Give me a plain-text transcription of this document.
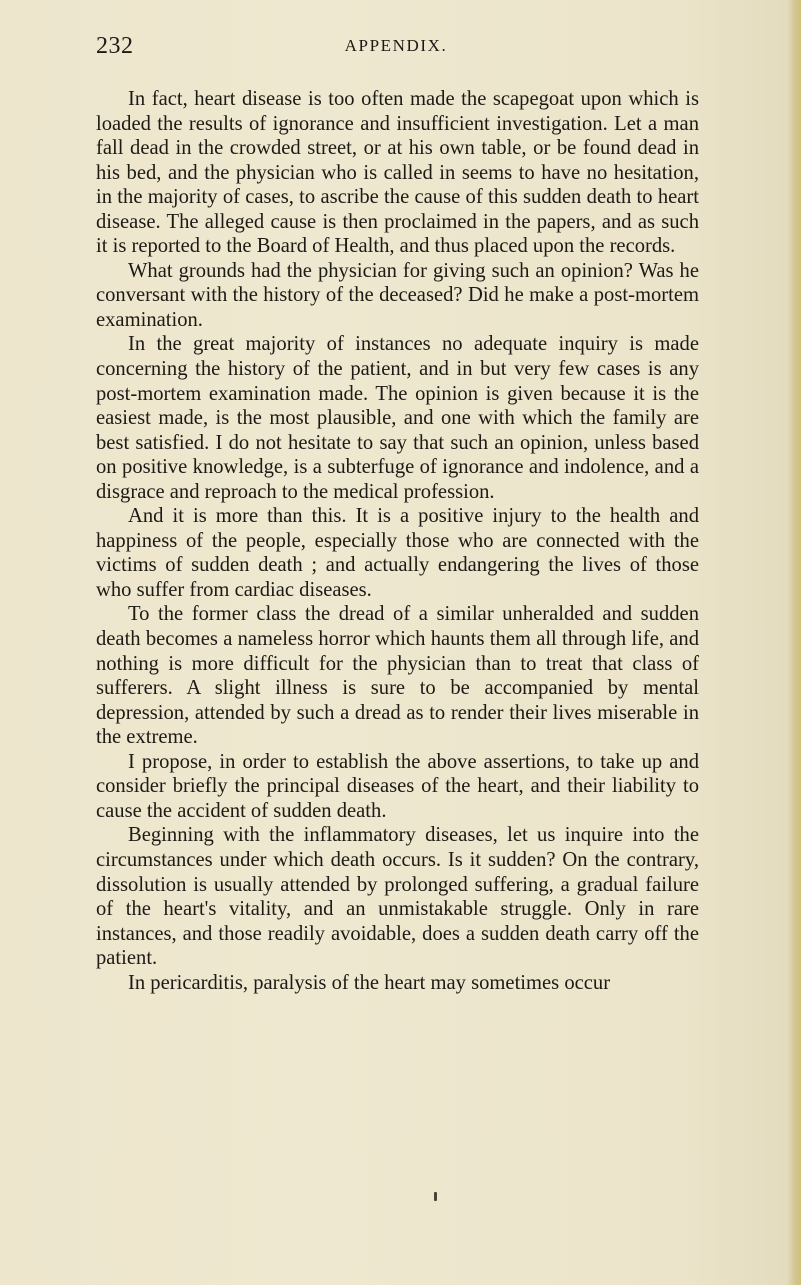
232	APPENDIX.

In fact, heart disease is too often made the scapegoat upon which is loaded the results of ignorance and insufficient investigation. Let a man fall dead in the crowded street, or at his own table, or be found dead in his bed, and the physician who is called in seems to have no hesitation, in the majority of cases, to ascribe the cause of this sudden death to heart disease. The alleged cause is then proclaimed in the papers, and as such it is reported to the Board of Health, and thus placed upon the records.

What grounds had the physician for giving such an opinion? Was he conversant with the history of the deceased? Did he make a post-mortem examination.

In the great majority of instances no adequate inquiry is made concerning the history of the patient, and in but very few cases is any post-mortem examination made. The opinion is given because it is the easiest made, is the most plausible, and one with which the family are best satisfied. I do not hesitate to say that such an opinion, unless based on positive knowledge, is a subterfuge of ignorance and indolence, and a disgrace and reproach to the medical profession.

And it is more than this. It is a positive injury to the health and happiness of the people, especially those who are connected with the victims of sudden death ; and actually endangering the lives of those who suffer from cardiac diseases.

To the former class the dread of a similar unheralded and sudden death becomes a nameless horror which haunts them all through life, and nothing is more difficult for the physician than to treat that class of sufferers. A slight illness is sure to be accompanied by mental depression, attended by such a dread as to render their lives miserable in the extreme.

I propose, in order to establish the above assertions, to take up and consider briefly the principal diseases of the heart, and their liability to cause the accident of sudden death.

Beginning with the inflammatory diseases, let us inquire into the circumstances under which death occurs. Is it sudden? On the contrary, dissolution is usually attended by prolonged suffering, a gradual failure of the heart's vitality, and an unmistakable struggle. Only in rare instances, and those readily avoidable, does a sudden death carry off the patient.

In pericarditis, paralysis of the heart may sometimes occur
